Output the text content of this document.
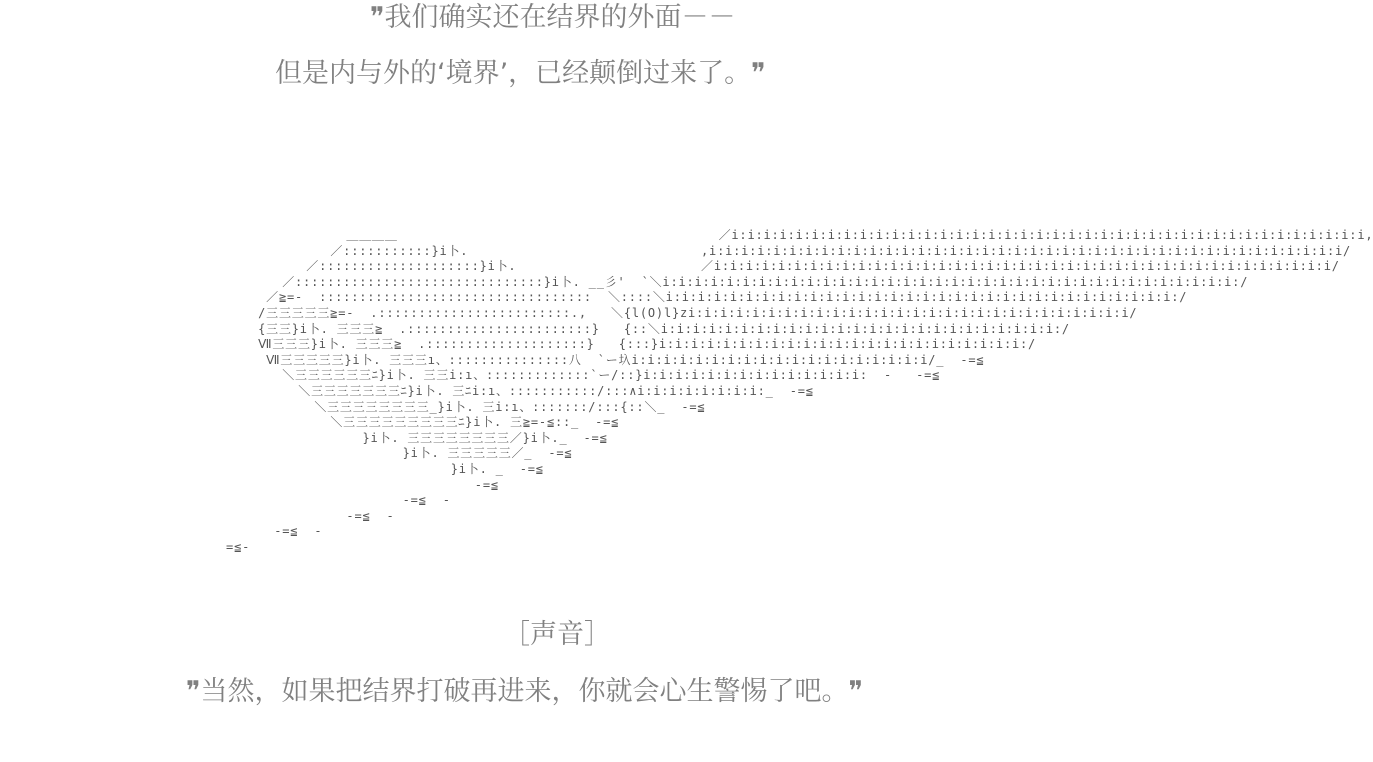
❞我们确实还在结界的外面－－
但是内与外的‘境界’，已经颠倒过来了。❞
＿＿＿＿                                        ／i:i:i:i:i:i:i:i:i:i:i:i:i:i:i:i:i:i:i:i:i:i:i:i:i:i:i:i:i:i:i:i:i:i:i:i:i:i:i:i,
／:::::::::::}i卜.                             ,i:i:i:i:i:i:i:i:i:i:i:i:i:i:i:i:i:i:i:i:i:i:i:i:i:i:i:i:i:i:i:i:i:i:i:i:i:i:i:i/
／::::::::::::::::::::}i卜.                       ／i:i:i:i:i:i:i:i:i:i:i:i:i:i:i:i:i:i:i:i:i:i:i:i:i:i:i:i:i:i:i:i:i:i:i:i:i:i:i/
／:::::::::::::::::::::::::::::::}i卜. __彡'  `＼i:i:i:i:i:i:i:i:i:i:i:i:i:i:i:i:i:i:i:i:i:i:i:i:i:i:i:i:i:i:i:i:i:i:i:i:/
／≧=-  ::::::::::::::::::::::::::::::::::  ＼::::＼i:i:i:i:i:i:i:i:i:i:i:i:i:i:i:i:i:i:i:i:i:i:i:i:i:i:i:i:i:i:i:i:/
/三三三三三≧=-  .::::::::::::::::::::::::.,   ＼{l(O)l}zi:i:i:i:i:i:i:i:i:i:i:i:i:i:i:i:i:i:i:i:i:i:i:i:i:i:i:i/
{三三}i卜. 三三三≧  .:::::::::::::::::::::::}   {::＼i:i:i:i:i:i:i:i:i:i:i:i:i:i:i:i:i:i:i:i:i:i:i:i:i:/
Ⅶ三三三}i卜. 三三三≧  .::::::::::::::::::::}   {:::}i:i:i:i:i:i:i:i:i:i:i:i:i:i:i:i:i:i:i:i:i:i:i:/
Ⅶ三三三三三}i卜. 三三三ı、:::::::::::::::八  `ー圦i:i:i:i:i:i:i:i:i:i:i:i:i:i:i:i:i:i:i/_  -=≦
＼三三三三三三ﾆ}i卜. 三三i:ı、:::::::::::::`ー/::}i:i:i:i:i:i:i:i:i:i:i:i:i:i:  -   -=≦
＼三三三三三三三ﾆ}i卜. 三ﾆi:ı、:::::::::::/:::∧i:i:i:i:i:i:i:i:_  -=≦
＼三三三三三三三三_}i卜. 三i:ı、:::::::/:::{::＼_  -=≦
＼三三三三三三三三三ﾆ}i卜. 三≧=-≦::_  -=≦
}i卜. 三三三三三三三三／}i卜._  -=≦
}i卜. 三三三三三／_  -=≦
}i卜. _  -=≦
-=≦
-=≦  -
-=≦  -
-=≦  -
=≦-
［声音］
❞当然，如果把结界打破再进来，你就会心生警惕了吧。❞
